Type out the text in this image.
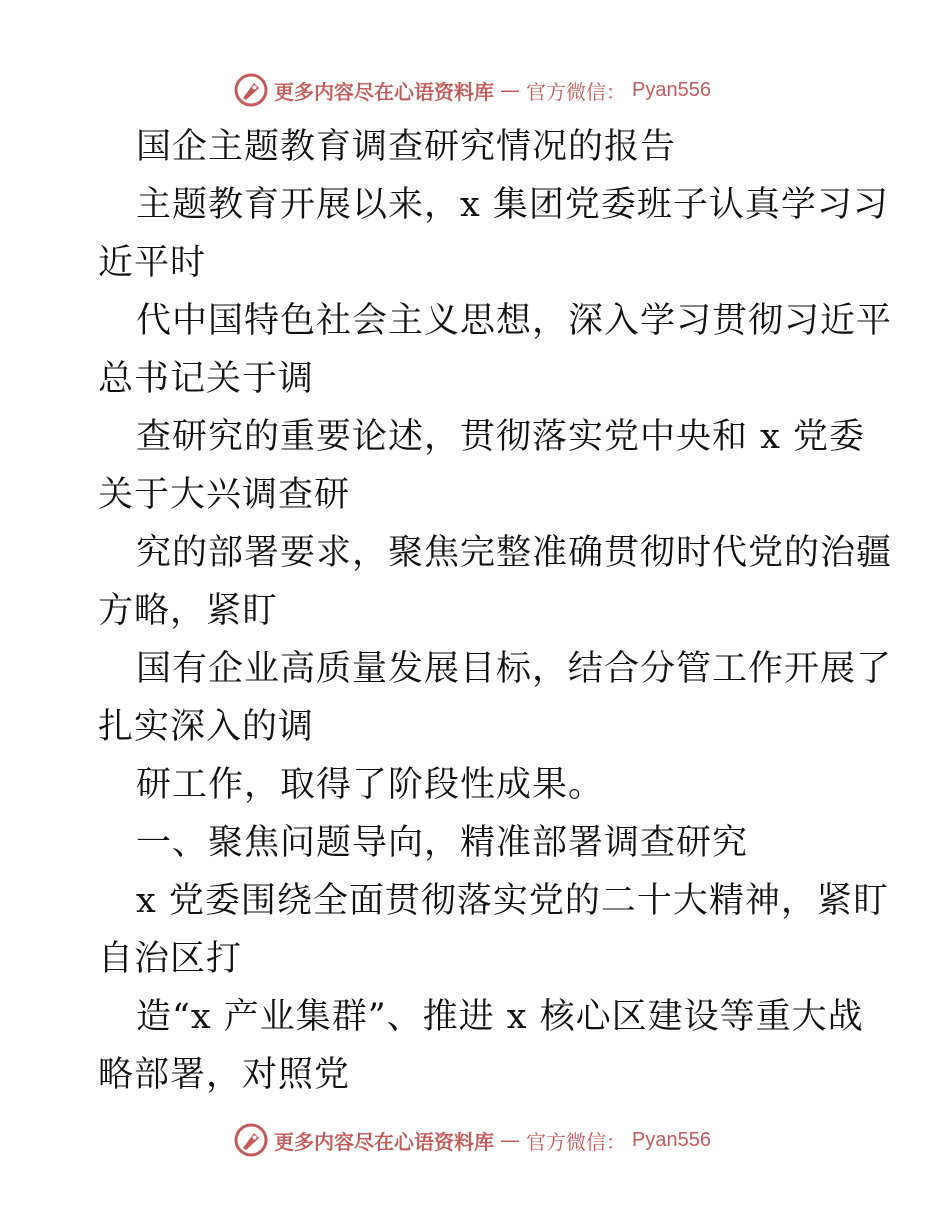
更多内容尽在心语资料库 — 官方微信： Pyan556
国企主题教育调查研究情况的报告
主题教育开展以来，x 集团党委班子认真学习习
近平时
代中国特色社会主义思想，深入学习贯彻习近平
总书记关于调
查研究的重要论述，贯彻落实党中央和 x 党委
关于大兴调查研
究的部署要求，聚焦完整准确贯彻时代党的治疆
方略，紧盯
国有企业高质量发展目标，结合分管工作开展了
扎实深入的调
研工作，取得了阶段性成果。
一、聚焦问题导向，精准部署调查研究
x 党委围绕全面贯彻落实党的二十大精神，紧盯
自治区打
造“x 产业集群”、推进 x 核心区建设等重大战
略部署，对照党
更多内容尽在心语资料库 — 官方微信： Pyan556
